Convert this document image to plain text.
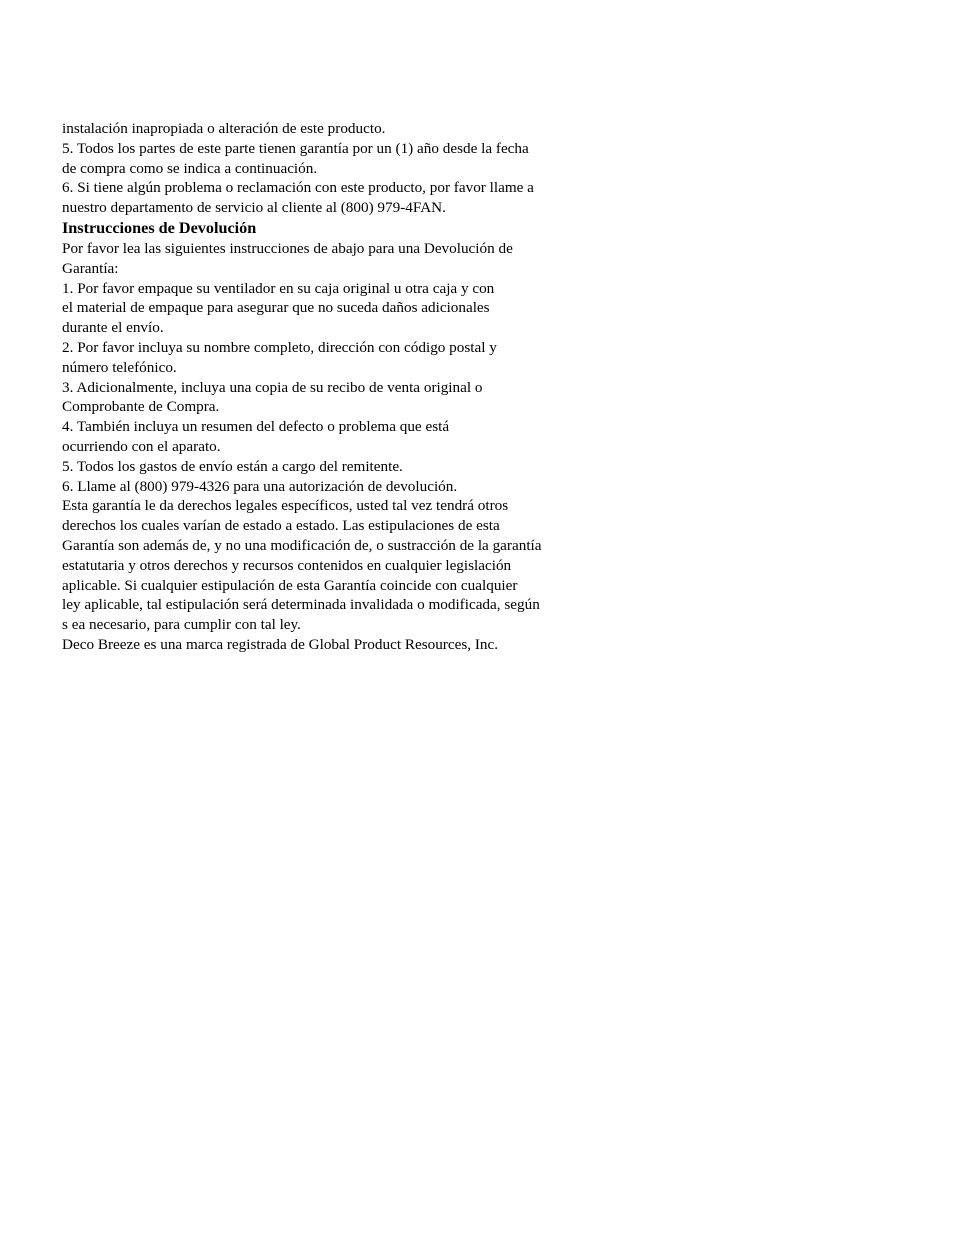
instalación inapropiada o alteración de este producto.
5. Todos los partes de este parte tienen garantía por un (1) año desde la fecha
de compra como se indica a continuación.
6. Si tiene algún problema o reclamación con este producto, por favor llame a
nuestro departamento de servicio al cliente al (800) 979-4FAN.
Instrucciones de Devolución
Por favor lea las siguientes instrucciones de abajo para una Devolución de
Garantía:
1. Por favor empaque su ventilador en su caja original u otra caja y con
el material de empaque para asegurar que no suceda daños adicionales
durante el envío.
2. Por favor incluya su nombre completo, dirección con código postal y
número telefónico.
3. Adicionalmente, incluya una copia de su recibo de venta original o
Comprobante de Compra.
4. También incluya un resumen del defecto o problema que está
ocurriendo con el aparato.
5. Todos los gastos de envío están a cargo del remitente.
6. Llame al (800) 979-4326 para una autorización de devolución.
Esta garantía le da derechos legales específicos, usted tal vez tendrá otros
derechos los cuales varían de estado a estado. Las estipulaciones de esta
Garantía son además de, y no una modificación de, o sustracción de la garantía
estatutaria y otros derechos y recursos contenidos en cualquier legislación
aplicable. Si cualquier estipulación de esta Garantía coincide con cualquier
ley aplicable, tal estipulación será determinada invalidada o modificada, según
s ea necesario, para cumplir con tal ley.
Deco Breeze es una marca registrada de Global Product Resources, Inc.
